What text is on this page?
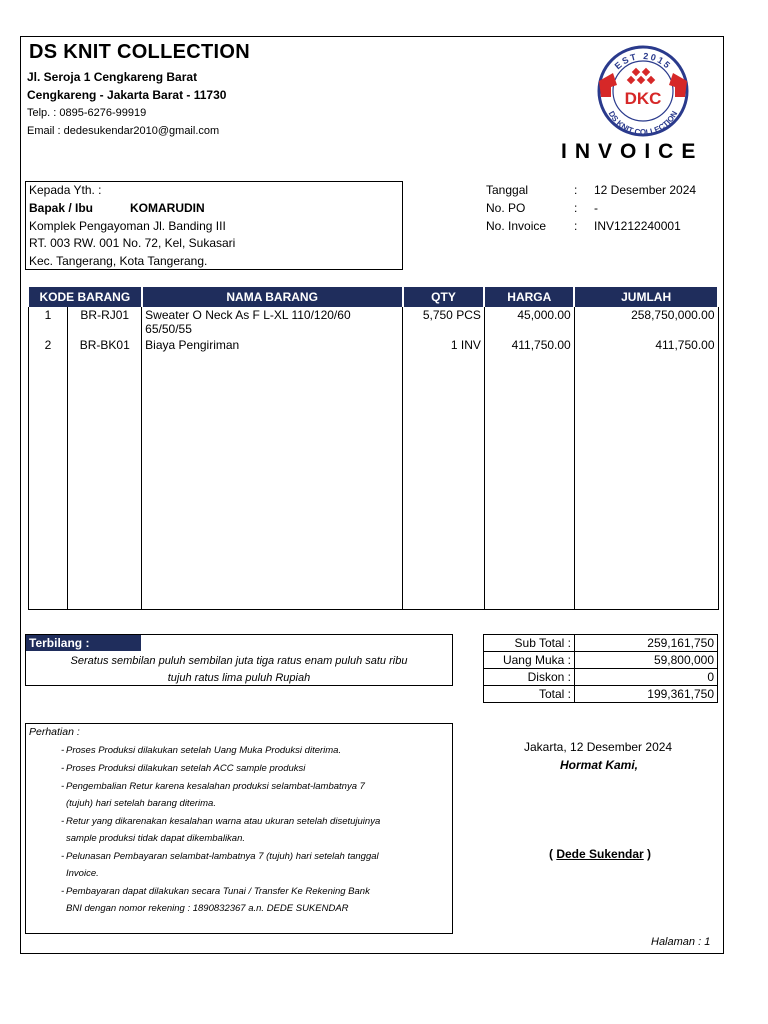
DS KNIT COLLECTION
Jl. Seroja 1 Cengkareng Barat
Cengkareng - Jakarta Barat - 11730
Telp. : 0895-6276-99919
Email : dedesukendar2010@gmail.com
EST 2015
DS KNIT COLLECTION
DKC
INVOICE
Kepada Yth. :
Bapak / Ibu	KOMARUDIN
Komplek Pengayoman Jl. Banding III
RT. 003 RW. 001 No. 72, Kel, Sukasari
Kec. Tangerang, Kota Tangerang.
Tanggal	: 12 Desember 2024
No. PO	: -
No. Invoice : INV1212240001
KODE BARANG		NAMA BARANG	QTY	HARGA	JUMLAH
1	BR-RJ01	Sweater O Neck As F L-XL 110/120/60
65/50/55	5,750 PCS	45,000.00	258,750,000.00
2	BR-BK01	Biaya Pengiriman	1 INV	411,750.00	411,750.00
Terbilang :
Seratus sembilan puluh sembilan juta tiga ratus enam puluh satu ribu
tujuh ratus lima puluh Rupiah
Sub Total :	259,161,750
Uang Muka :	59,800,000
Diskon :	0
Total :	199,361,750
Perhatian :
- Proses Produksi dilakukan setelah Uang Muka Produksi diterima.
- Proses Produksi dilakukan setelah ACC sample produksi
- Pengembalian Retur karena kesalahan produksi selambat-lambatnya 7
(tujuh) hari setelah barang diterima.
- Retur yang dikarenakan kesalahan warna atau ukuran setelah disetujuinya
sample produksi tidak dapat dikembalikan.
- Pelunasan Pembayaran selambat-lambatnya 7 (tujuh) hari setelah tanggal
Invoice.
- Pembayaran dapat dilakukan secara Tunai / Transfer Ke Rekening Bank
BNI dengan nomor rekening : 1890832367 a.n. DEDE SUKENDAR
Jakarta, 12 Desember 2024
Hormat Kami,
( Dede Sukendar )
Halaman : 1
